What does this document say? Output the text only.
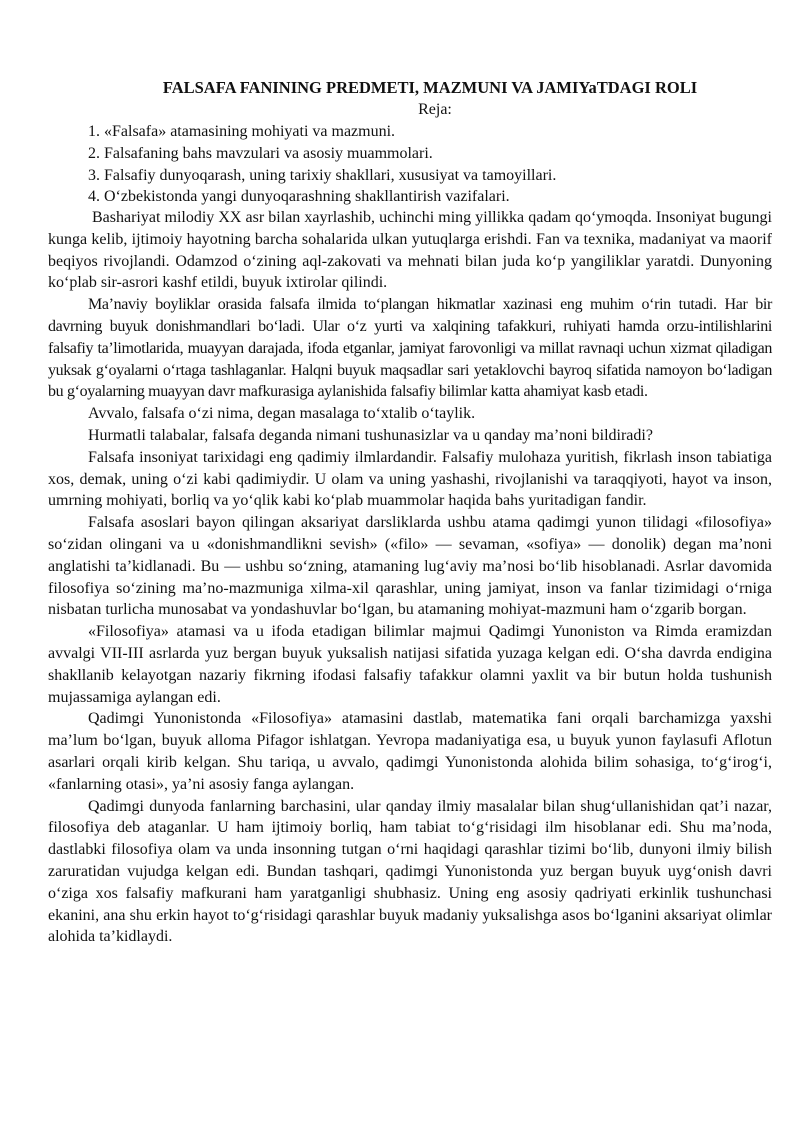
FALSAFA FANINING PREDMETI, MAZMUNI VA JAMIYaTDAGI ROLI
Reja:
1. «Falsafa» atamasining mohiyati va mazmuni.
2. Falsafaning bahs mavzulari va asosiy muammolari.
3. Falsafiy dunyoqarash, uning tarixiy shakllari, xususiyat va tamoyillari.
4. O‘zbekistonda yangi dunyoqarashning shakllantirish vazifalari.

Bashariyat milodiy XX asr bilan xayrlashib, uchinchi ming yillikka qadam qo‘ymoqda. Insoniyat bugungi kunga kelib, ijtimoiy hayotning barcha sohalarida ulkan yutuqlarga erishdi. Fan va texnika, madaniyat va maorif beqiyos rivojlandi. Odamzod o‘zining aql-zakovati va mehnati bilan juda ko‘p yangiliklar yaratdi. Dunyoning ko‘plab sir-asrori kashf etildi, buyuk ixtirolar qilindi.

Ma’naviy boyliklar orasida falsafa ilmida to‘plangan hikmatlar xazinasi eng muhim o‘rin tutadi. Har bir davrning buyuk donishmandlari bo‘ladi. Ular o‘z yurti va xalqining tafakkuri, ruhiyati hamda orzu-intilishlarini falsafiy ta’limotlarida, muayyan darajada, ifoda etganlar, jamiyat farovonligi va millat ravnaqi uchun xizmat qiladigan yuksak g‘oyalarni o‘rtaga tashlaganlar. Halqni buyuk maqsadlar sari yetaklovchi bayroq sifatida namoyon bo‘ladigan bu g‘oyalarning muayyan davr mafkurasiga aylanishida falsafiy bilimlar katta ahamiyat kasb etadi.

Avvalo, falsafa o‘zi nima, degan masalaga to‘xtalib o‘taylik.

Hurmatli talabalar, falsafa deganda nimani tushunasizlar va u qanday ma’noni bildiradi?

Falsafa insoniyat tarixidagi eng qadimiy ilmlardandir. Falsafiy mulohaza yuritish, fikrlash inson tabiatiga xos, demak, uning o‘zi kabi qadimiydir. U olam va uning yashashi, rivojlanishi va taraqqiyoti, hayot va inson, umrning mohiyati, borliq va yo‘qlik kabi ko‘plab muammolar haqida bahs yuritadigan fandir.

Falsafa asoslari bayon qilingan aksariyat darsliklarda ushbu atama qadimgi yunon tilidagi «filosofiya» so‘zidan olingani va u «donishmandlikni sevish» («filo» — sevaman, «sofiya» — donolik) degan ma’noni anglatishi ta’kidlanadi. Bu — ushbu so‘zning, atamaning lug‘aviy ma’nosi bo‘lib hisoblanadi. Asrlar davomida filosofiya so‘zining ma’no-mazmuniga xilma-xil qarashlar, uning jamiyat, inson va fanlar tizimidagi o‘rniga nisbatan turlicha munosabat va yondashuvlar bo‘lgan, bu atamaning mohiyat-mazmuni ham o‘zgarib borgan.

«Filosofiya» atamasi va u ifoda etadigan bilimlar majmui Qadimgi Yunoniston va Rimda eramizdan avvalgi VII-III asrlarda yuz bergan buyuk yuksalish natijasi sifatida yuzaga kelgan edi. O‘sha davrda endigina shakllanib kelayotgan nazariy fikrning ifodasi falsafiy tafakkur olamni yaxlit va bir butun holda tushunish mujassamiga aylangan edi.

Qadimgi Yunonistonda «Filosofiya» atamasini dastlab, matematika fani orqali barchamizga yaxshi ma’lum bo‘lgan, buyuk alloma Pifagor ishlatgan. Yevropa madaniyatiga esa, u buyuk yunon faylasufi Aflotun asarlari orqali kirib kelgan. Shu tariqa, u avvalo, qadimgi Yunonistonda alohida bilim sohasiga, to‘g‘irog‘i, «fanlarning otasi», ya’ni asosiy fanga aylangan.

Qadimgi dunyoda fanlarning barchasini, ular qanday ilmiy masalalar bilan shug‘ullanishidan qat’i nazar, filosofiya deb ataganlar. U ham ijtimoiy borliq, ham tabiat to‘g‘risidagi ilm hisoblanar edi. Shu ma’noda, dastlabki filosofiya olam va unda insonning tutgan o‘rni haqidagi qarashlar tizimi bo‘lib, dunyoni ilmiy bilish zaruratidan vujudga kelgan edi. Bundan tashqari, qadimgi Yunonistonda yuz bergan buyuk uyg‘onish davri o‘ziga xos falsafiy mafkurani ham yaratganligi shubhasiz. Uning eng asosiy qadriyati erkinlik tushunchasi ekanini, ana shu erkin hayot to‘g‘risidagi qarashlar buyuk madaniy yuksalishga asos bo‘lganini aksariyat olimlar alohida ta’kidlaydi.
